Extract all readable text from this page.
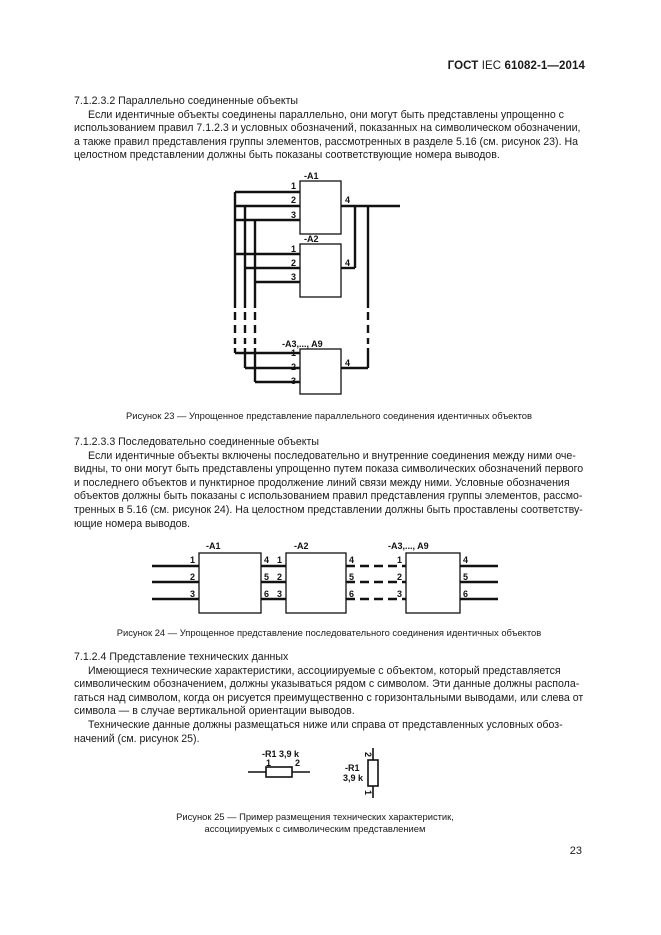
ГОСТ IEC 61082-1—2014

7.1.2.3.2 Параллельно соединенные объекты

Если идентичные объекты соединены параллельно, они могут быть представлены упрощенно с

использованием правил 7.1.2.3 и условных обозначений, показанных на символическом обозначении,

а также правил представления группы элементов, рассмотренных в разделе 5.16 (см. рисунок 23). На

целостном представлении должны быть показаны соответствующие номера выводов.

-A1
-A2
-A3,..., A9
1
2
3
1
2
3
1
2
3
4
4
4
Рисунок 23 — Упрощенное представление параллельного соединения идентичных объектов

7.1.2.3.3 Последовательно соединенные объекты

Если идентичные объекты включены последовательно и внутренние соединения между ними оче-

видны, то они могут быть представлены упрощенно путем показа символических обозначений первого

и последнего объектов и пунктирное продолжение линий связи между ними. Условные обозначения

объектов должны быть показаны с использованием правил представления группы элементов, рассмо-

тренных в 5.16 (см. рисунок 24). На целостном представлении должны быть проставлены соответству-

ющие номера выводов.

-A1	-A2	-A3,..., A9
1
2
3
4
5
6
1
2
3
4
5
6
1
2
3
4
5
6
Рисунок 24 — Упрощенное представление последовательного соединения идентичных объектов

7.1.2.4 Представление технических данных

Имеющиеся технические характеристики, ассоциируемые с объектом, который представляется

символическим обозначением, должны указываться рядом с символом. Эти данные должны распола-

гаться над символом, когда он рисуется преимущественно с горизонтальными выводами, или слева от

символа — в случае вертикальной ориентации выводов.

Технические данные должны размещаться ниже или справа от представленных условных обоз-

начений (см. рисунок 25).

-R1 3,9 k
1	2	-R1
3,9 k
2
1
Рисунок 25 — Пример размещения технических характеристик,
ассоциируемых с символическим представлением
23
